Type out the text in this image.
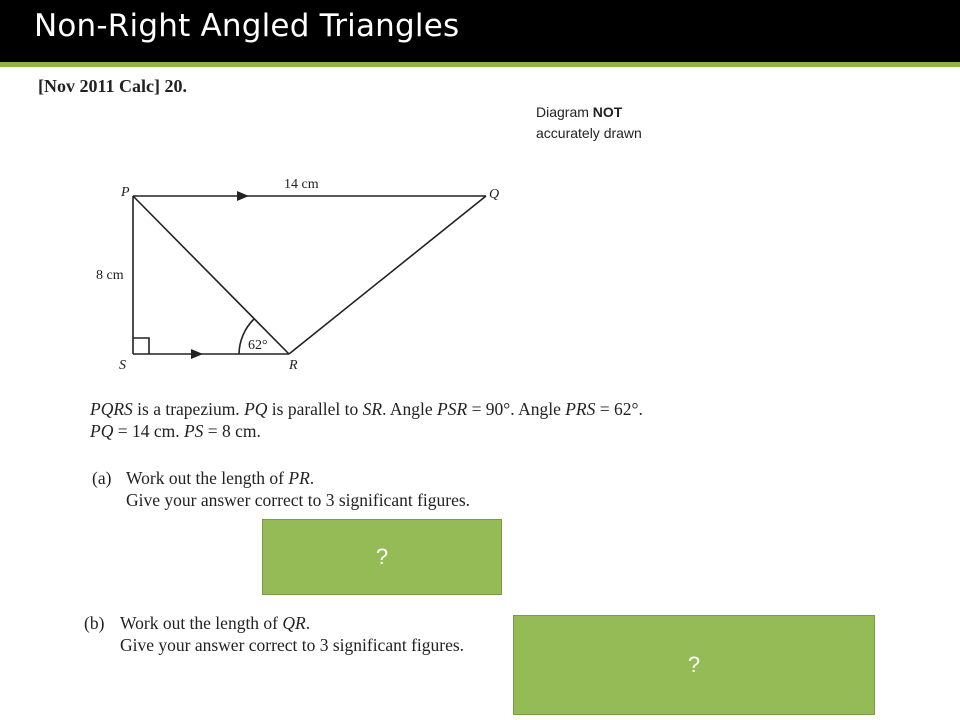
Non-Right Angled Triangles
[Nov 2011 Calc] 20.
Diagram NOT
accurately drawn
P	Q
S	R
14 cm
8 cm
62°
PQRS is a trapezium. PQ is parallel to SR. Angle PSR = 90°. Angle PRS = 62°.
PQ = 14 cm. PS = 8 cm.
(a) Work out the length of PR.
Give your answer correct to 3 significant figures.
?
(b) Work out the length of QR.
Give your answer correct to 3 significant figures.
?
